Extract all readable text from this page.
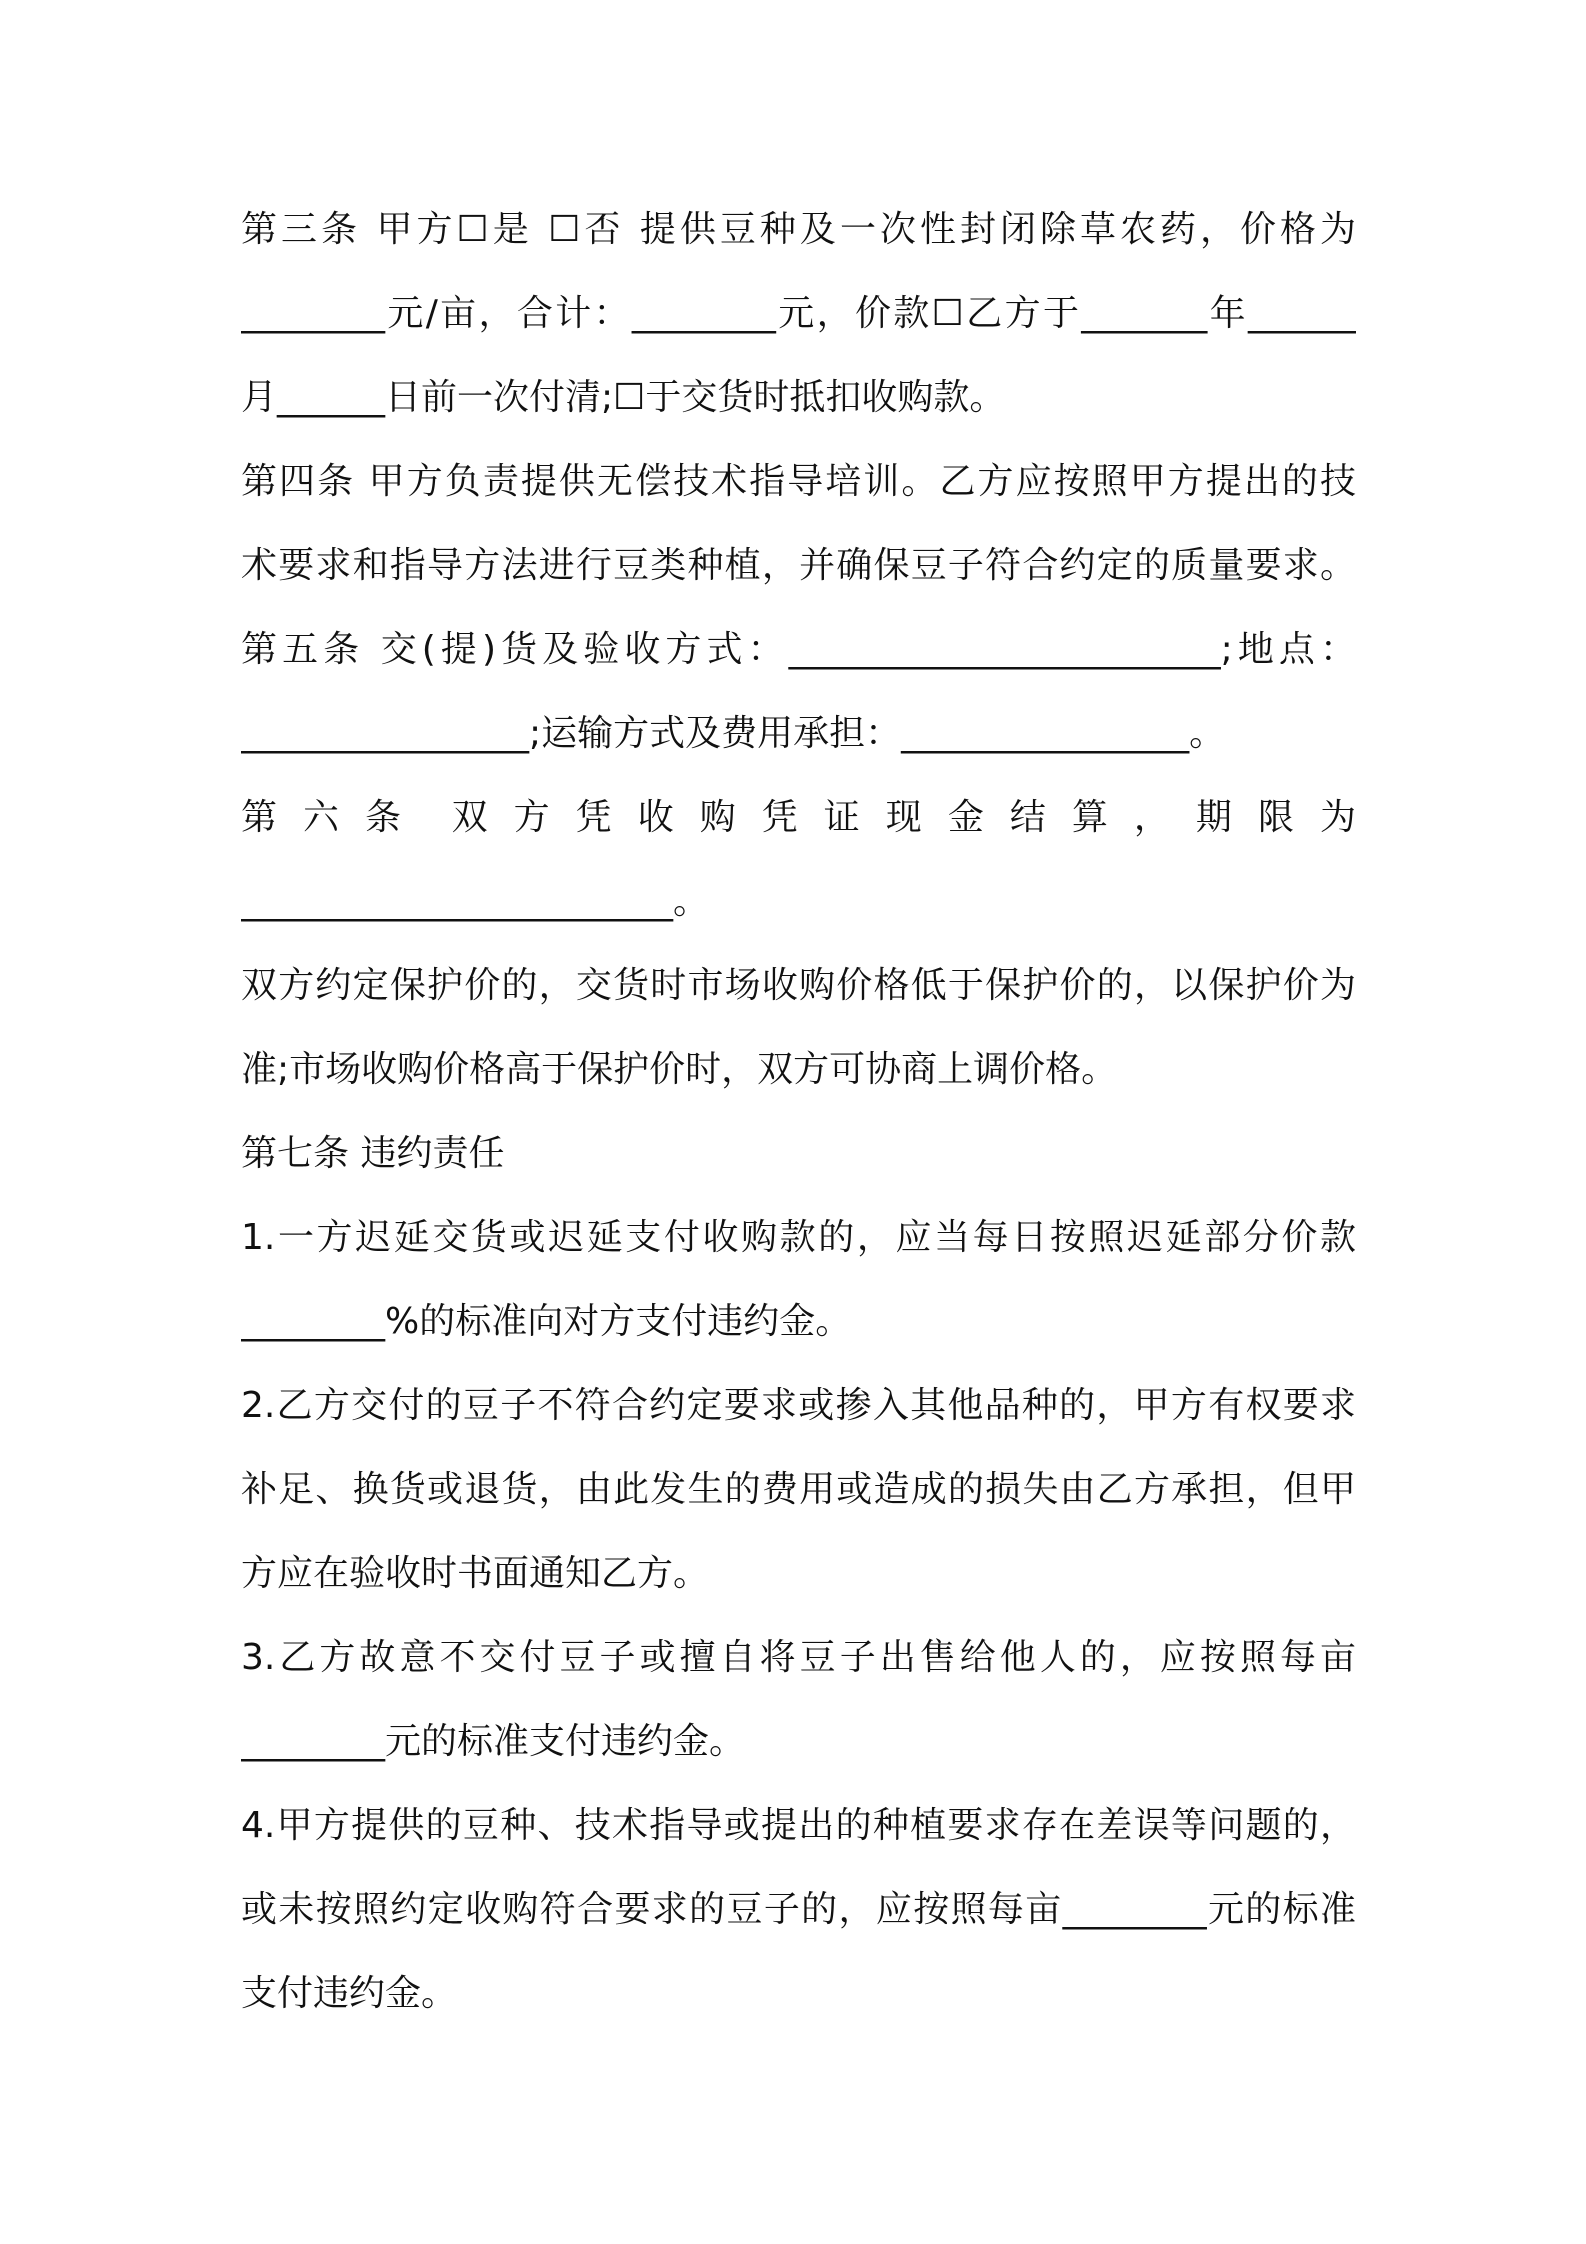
第三条 甲方☐是 ☐否 提供豆种及一次性封闭除草农药，价格为
________元/亩，合计：________元，价款☐乙方于_______年______
月______日前一次付清;☐于交货时抵扣收购款。
第四条 甲方负责提供无偿技术指导培训。乙方应按照甲方提出的技
术要求和指导方法进行豆类种植，并确保豆子符合约定的质量要求。
第五条 交(提)货及验收方式：________________________;地点：
________________;运输方式及费用承担：________________。
第 六 条　双 方 凭 收 购 凭 证 现 金 结 算 ， 期 限 为
________________________。
双方约定保护价的，交货时市场收购价格低于保护价的，以保护价为
准;市场收购价格高于保护价时，双方可协商上调价格。
第七条 违约责任
1.一方迟延交货或迟延支付收购款的，应当每日按照迟延部分价款
________%的标准向对方支付违约金。
2.乙方交付的豆子不符合约定要求或掺入其他品种的，甲方有权要求
补足、换货或退货，由此发生的费用或造成的损失由乙方承担，但甲
方应在验收时书面通知乙方。
3.乙方故意不交付豆子或擅自将豆子出售给他人的，应按照每亩
________元的标准支付违约金。
4.甲方提供的豆种、技术指导或提出的种植要求存在差误等问题的，
或未按照约定收购符合要求的豆子的，应按照每亩________元的标准
支付违约金。
